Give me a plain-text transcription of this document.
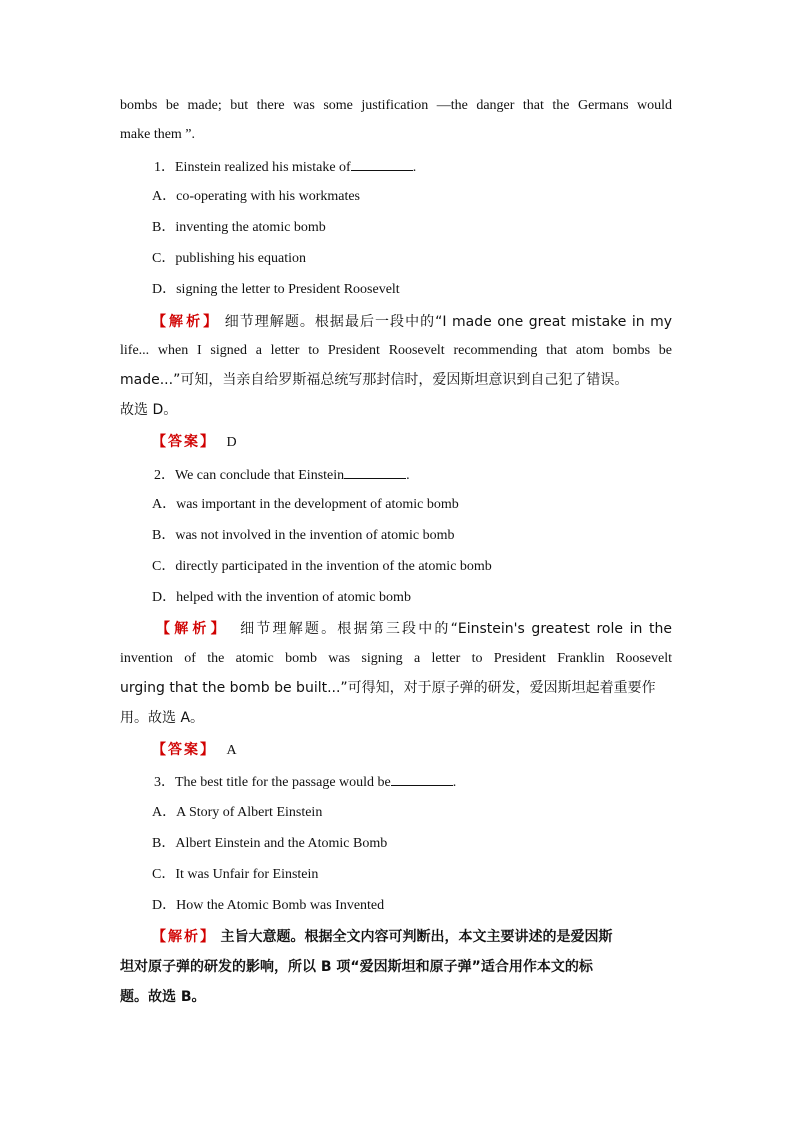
bombs be made; but there was some justification —the danger that the Germans would
make them ”.
1．Einstein realized his mistake of	.
A．co-operating with his workmates
B．inventing the atomic bomb
C．publishing his equation
D．signing the letter to President Roosevelt
【解析】 细节理解题。根据最后一段中的“I made one great mistake in my
life... when I signed a letter to President Roosevelt recommending that atom bombs be
made...”可知，当亲自给罗斯福总统写那封信时，爱因斯坦意识到自己犯了错误。
故选 D。
【答案】 D
2．We can conclude that Einstein	.
A．was important in the development of atomic bomb
B．was not involved in the invention of atomic bomb
C．directly participated in the invention of the atomic bomb
D．helped with the invention of atomic bomb
【解析】 细节理解题。根据第三段中的“Einstein's greatest role in the
invention of the atomic bomb was signing a letter to President Franklin Roosevelt
urging that the bomb be built...”可得知，对于原子弹的研发，爱因斯坦起着重要作
用。故选 A。
【答案】 A
3．The best title for the passage would be	.
A．A Story of Albert Einstein
B．Albert Einstein and the Atomic Bomb
C．It was Unfair for Einstein
D．How the Atomic Bomb was Invented
【解析】 主旨大意题。根据全文内容可判断出，本文主要讲述的是爱因斯
坦对原子弹的研发的影响，所以 B 项“爱因斯坦和原子弹”适合用作本文的标
题。故选 B。
